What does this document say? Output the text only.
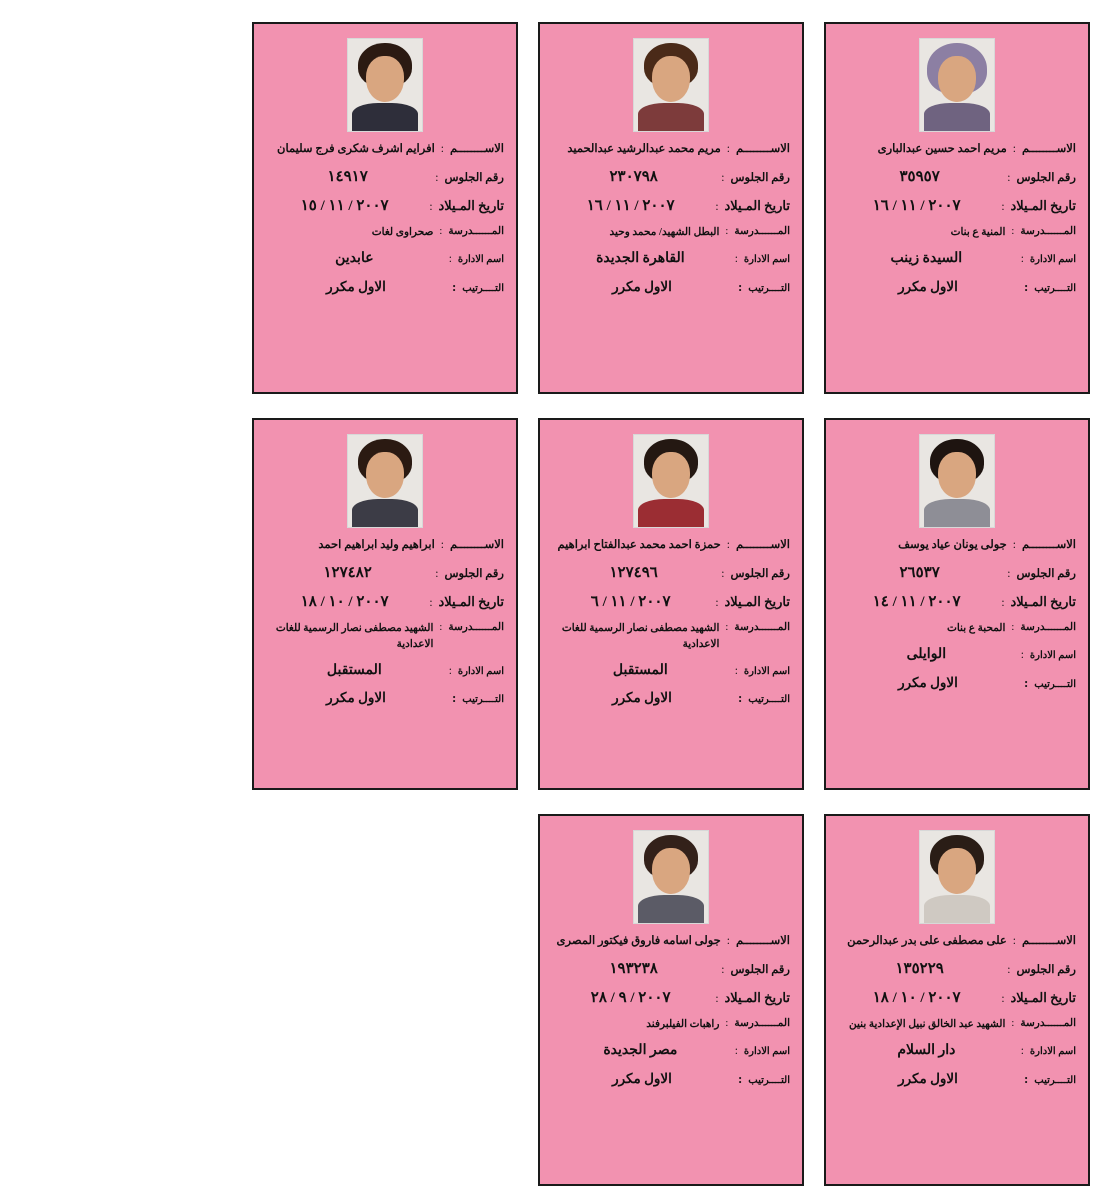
الاســــــــم
:
مريم احمد حسين عبدالبارى
رقم الجلوس
:
٣٥٩٥٧
تاريخ المـيلاد
:
٢٠٠٧ / ١١ / ١٦
المــــــدرسة
:
المنية ع بنات
اسم الادارة
:
السيدة زينب
التــــرتيب
:
الاول مكرر
الاســــــــم
:
مريم محمد عبدالرشيد عبدالحميد
رقم الجلوس
:
٢٣٠٧٩٨
تاريخ المـيلاد
:
٢٠٠٧ / ١١ / ١٦
المــــــدرسة
:
البطل الشهيد/ محمد وحيد
اسم الادارة
:
القاهرة الجديدة
التــــرتيب
:
الاول مكرر
الاســــــــم
:
افرايم اشرف شكرى فرج سليمان
رقم الجلوس
:
١٤٩١٧
تاريخ المـيلاد
:
٢٠٠٧ / ١١ / ١٥
المــــــدرسة
:
صحراوى لغات
اسم الادارة
:
عابدين
التــــرتيب
:
الاول مكرر
الاســــــــم
:
جولى يونان عياد يوسف
رقم الجلوس
:
٢٦٥٣٧
تاريخ المـيلاد
:
٢٠٠٧ / ١١ / ١٤
المــــــدرسة
:
المحبة ع بنات
اسم الادارة
:
الوايلى
التــــرتيب
:
الاول مكرر
الاســــــــم
:
حمزة احمد محمد عبدالفتاح ابراهيم
رقم الجلوس
:
١٢٧٤٩٦
تاريخ المـيلاد
:
٢٠٠٧ / ١١ / ٦
المــــــدرسة
:
الشهيد مصطفى نصار الرسمية للغات الاعدادية
اسم الادارة
:
المستقبل
التــــرتيب
:
الاول مكرر
الاســــــــم
:
ابراهيم وليد ابراهيم احمد
رقم الجلوس
:
١٢٧٤٨٢
تاريخ المـيلاد
:
٢٠٠٧ / ١٠ / ١٨
المــــــدرسة
:
الشهيد مصطفى نصار الرسمية للغات الاعدادية
اسم الادارة
:
المستقبل
التــــرتيب
:
الاول مكرر
الاســــــــم
:
على مصطفى على بدر عبدالرحمن
رقم الجلوس
:
١٣٥٢٢٩
تاريخ المـيلاد
:
٢٠٠٧ / ١٠ / ١٨
المــــــدرسة
:
الشهيد عبد الخالق نبيل الإعدادية بنين
اسم الادارة
:
دار السلام
التــــرتيب
:
الاول مكرر
الاســــــــم
:
جولى اسامه فاروق فيكتور المصرى
رقم الجلوس
:
١٩٣٢٣٨
تاريخ المـيلاد
:
٢٠٠٧ / ٩ / ٢٨
المــــــدرسة
:
راهبات الفيلبرفند
اسم الادارة
:
مصر الجديدة
التــــرتيب
:
الاول مكرر
